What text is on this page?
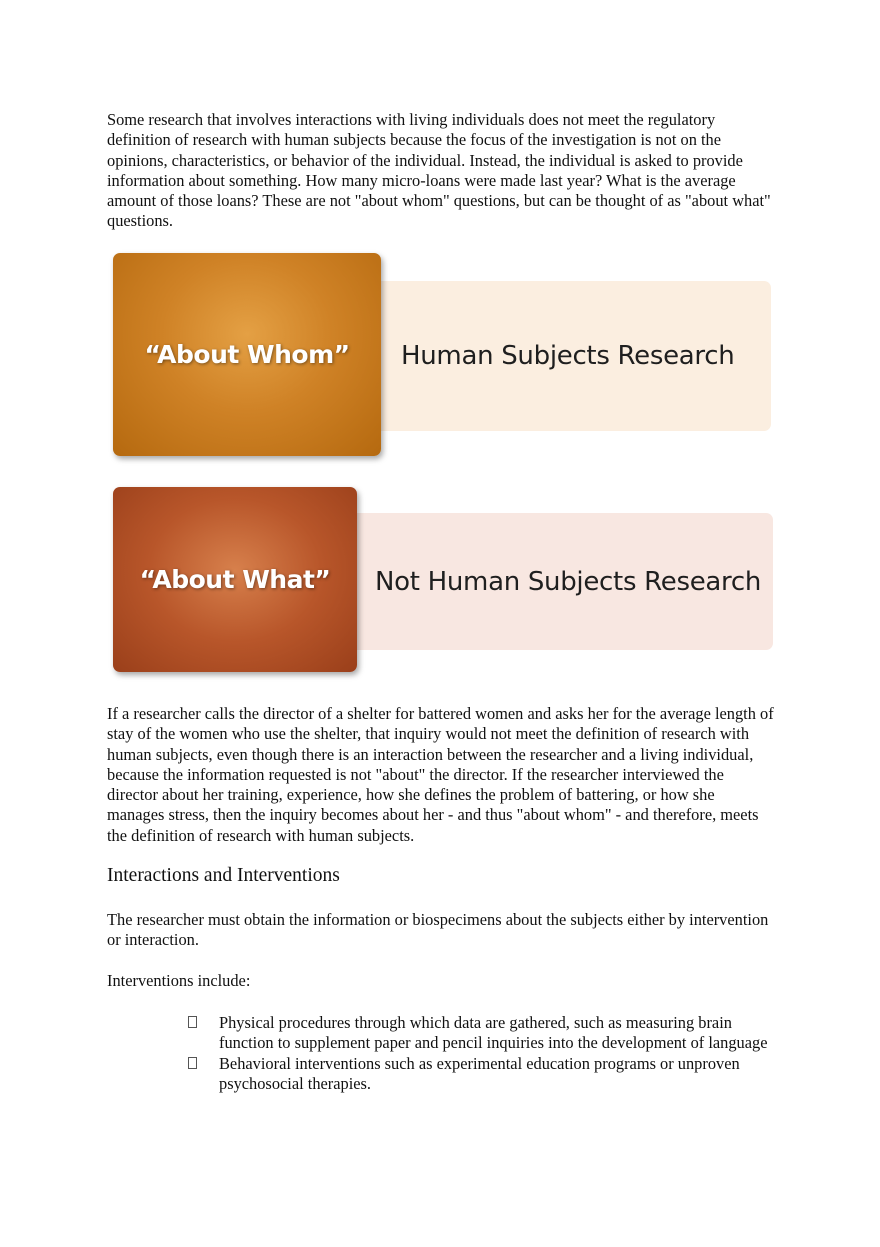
Some research that involves interactions with living individuals does not meet the regulatory definition of research with human subjects because the focus of the investigation is not on the opinions, characteristics, or behavior of the individual. Instead, the individual is asked to provide information about something. How many micro-loans were made last year? What is the average amount of those loans? These are not "about whom" questions, but can be thought of as "about what" questions.

Human Subjects Research
“About Whom”
Not Human Subjects Research
“About What”

If a researcher calls the director of a shelter for battered women and asks her for the average length of stay of the women who use the shelter, that inquiry would not meet the definition of research with human subjects, even though there is an interaction between the researcher and a living individual, because the information requested is not "about" the director. If the researcher interviewed the director about her training, experience, how she defines the problem of battering, or how she manages stress, then the inquiry becomes about her - and thus "about whom" - and therefore, meets the definition of research with human subjects.

Interactions and Interventions

The researcher must obtain the information or biospecimens about the subjects either by intervention or interaction.

Interventions include:

Physical procedures through which data are gathered, such as measuring brain function to supplement paper and pencil inquiries into the development of language
Behavioral interventions such as experimental education programs or unproven psychosocial therapies.
